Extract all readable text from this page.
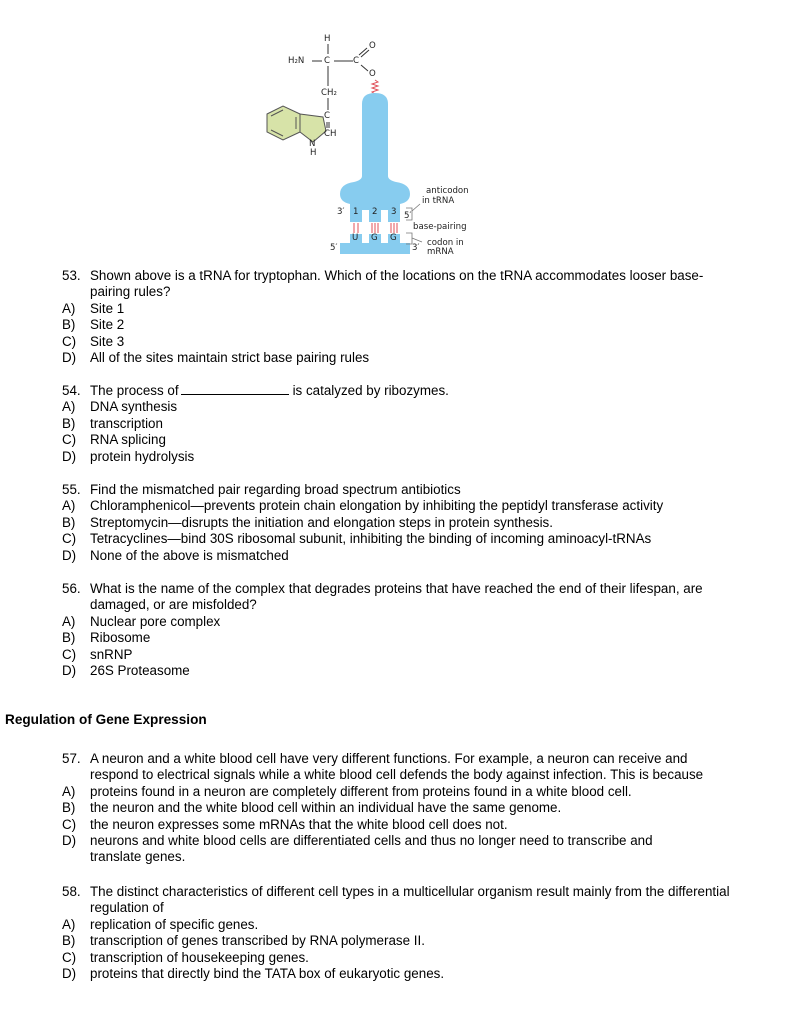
H
H₂N C	C
O
O
CH₂
C
CH
N
H
3′ 1 2 3 5′
U G G
5′	3′
anticodon
in tRNA
base-pairing
codon in
mRNA
53. Shown above is a tRNA for tryptophan. Which of the locations on the tRNA accommodates looser base-
pairing rules?
A)	Site 1
B)	Site 2
C)	Site 3
D)	All of the sites maintain strict base pairing rules
54. The process of	is catalyzed by ribozymes.
A)	DNA synthesis
B)	transcription
C)	RNA splicing
D)	protein hydrolysis
55. Find the mismatched pair regarding broad spectrum antibiotics
A)	Chloramphenicol—prevents protein chain elongation by inhibiting the peptidyl transferase activity
B)	Streptomycin—disrupts the initiation and elongation steps in protein synthesis.
C)	Tetracyclines—bind 30S ribosomal subunit, inhibiting the binding of incoming aminoacyl-tRNAs
D)	None of the above is mismatched
56. What is the name of the complex that degrades proteins that have reached the end of their lifespan, are
damaged, or are misfolded?
A)	Nuclear pore complex
B)	Ribosome
C)	snRNP
D)	26S Proteasome
Regulation of Gene Expression
57. A neuron and a white blood cell have very different functions. For example, a neuron can receive and
respond to electrical signals while a white blood cell defends the body against infection. This is because
A)	proteins found in a neuron are completely different from proteins found in a white blood cell.
B)	the neuron and the white blood cell within an individual have the same genome.
C)	the neuron expresses some mRNAs that the white blood cell does not.
D)	neurons and white blood cells are differentiated cells and thus no longer need to transcribe and
translate genes.
58. The distinct characteristics of different cell types in a multicellular organism result mainly from the differential
regulation of
A)	replication of specific genes.
B)	transcription of genes transcribed by RNA polymerase II.
C)	transcription of housekeeping genes.
D)	proteins that directly bind the TATA box of eukaryotic genes.
